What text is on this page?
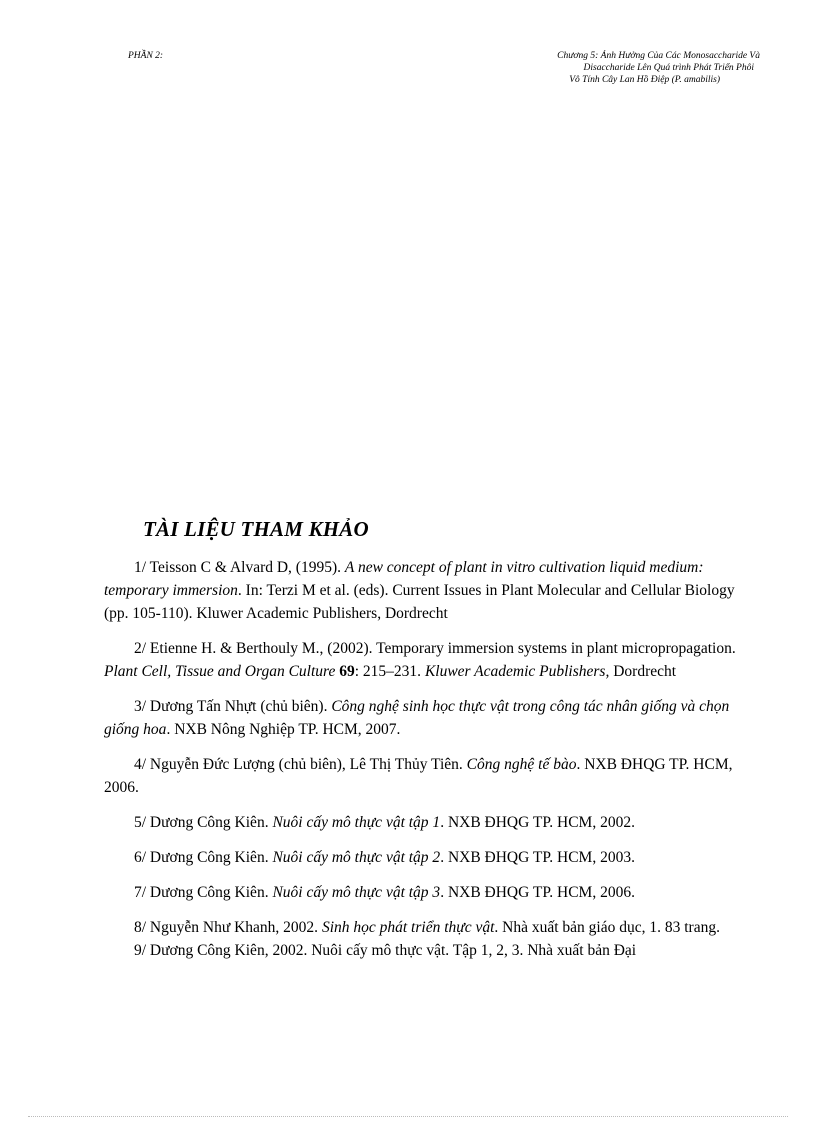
PHẦN 2:	Chương 5: Ảnh Hưởng Của Các Monosaccharide Và
Disaccharide Lên Quá trình Phát Triển Phôi
Vô Tính Cây Lan Hồ Điệp (P. amabilis)
TÀI LIỆU THAM KHẢO

1/ Teisson C & Alvard D, (1995). A new concept of plant in vitro cultivation liquid medium: temporary immersion. In: Terzi M et al. (eds). Current Issues in Plant Molecular and Cellular Biology (pp. 105-110). Kluwer Academic Publishers, Dordrecht

2/ Etienne H. & Berthouly M., (2002). Temporary immersion systems in plant micropropagation. Plant Cell, Tissue and Organ Culture 69: 215–231. Kluwer Academic Publishers, Dordrecht

3/ Dương Tấn Nhựt (chủ biên). Công nghệ sinh học thực vật trong công tác nhân giống và chọn giống hoa. NXB Nông Nghiệp TP. HCM, 2007.

4/ Nguyễn Đức Lượng (chủ biên), Lê Thị Thủy Tiên. Công nghệ tế bào. NXB ĐHQG TP. HCM, 2006.

5/ Dương Công Kiên. Nuôi cấy mô thực vật tập 1. NXB ĐHQG TP. HCM, 2002.

6/ Dương Công Kiên. Nuôi cấy mô thực vật tập 2. NXB ĐHQG TP. HCM, 2003.

7/ Dương Công Kiên. Nuôi cấy mô thực vật tập 3. NXB ĐHQG TP. HCM, 2006.

8/ Nguyễn Như Khanh, 2002. Sinh học phát triển thực vật. Nhà xuất bản giáo dục, 1. 83 trang.

9/ Dương Công Kiên, 2002. Nuôi cấy mô thực vật. Tập 1, 2, 3. Nhà xuất bản Đại
